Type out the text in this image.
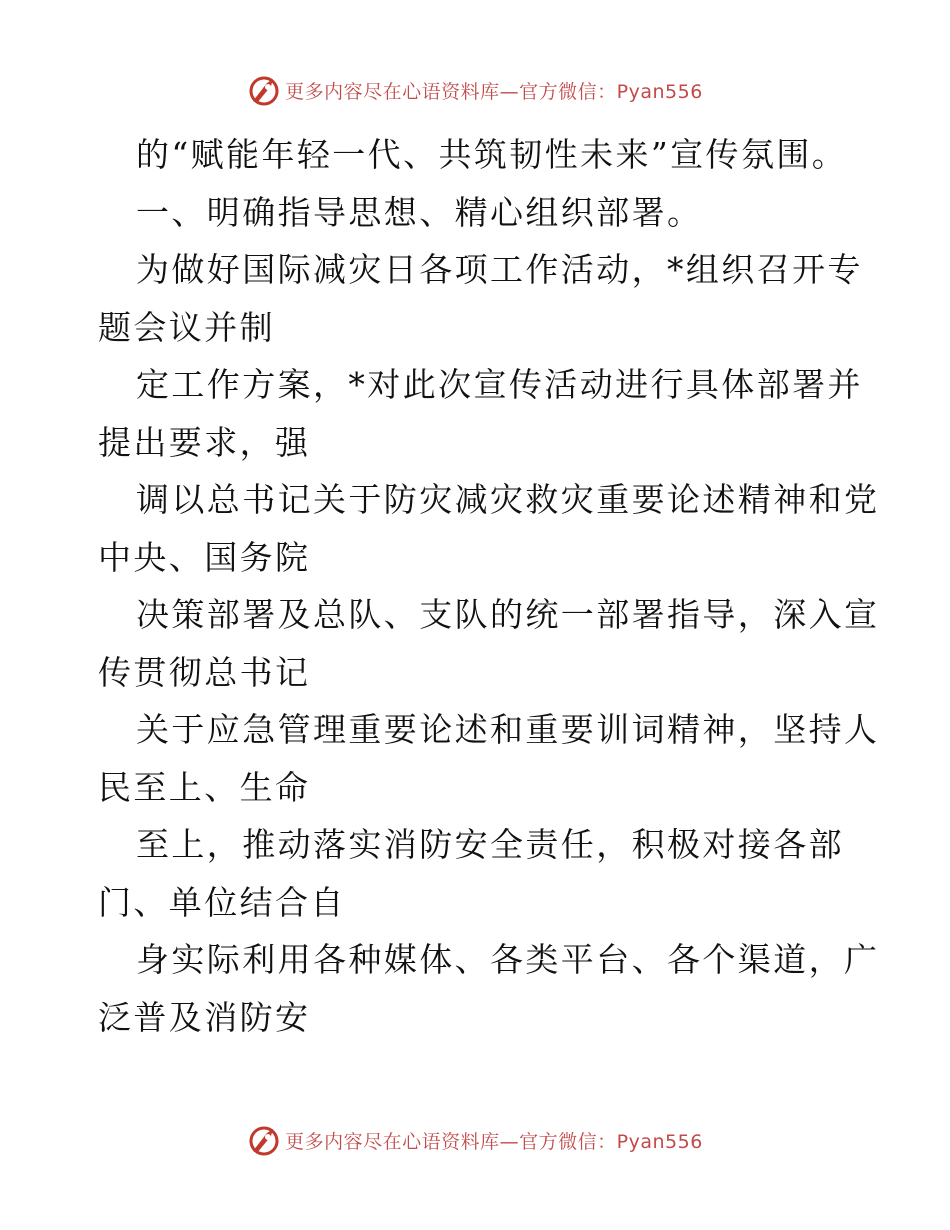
更多内容尽在心语资料库—官方微信：Pyan556
的“赋能年轻一代、共筑韧性未来”宣传氛围。
一、明确指导思想、精心组织部署。
为做好国际减灾日各项工作活动，*组织召开专
题会议并制
定工作方案，*对此次宣传活动进行具体部署并
提出要求，强
调以总书记关于防灾减灾救灾重要论述精神和党
中央、国务院
决策部署及总队、支队的统一部署指导，深入宣
传贯彻总书记
关于应急管理重要论述和重要训词精神，坚持人
民至上、生命
至上，推动落实消防安全责任，积极对接各部
门、单位结合自
身实际利用各种媒体、各类平台、各个渠道，广
泛普及消防安
更多内容尽在心语资料库—官方微信：Pyan556
